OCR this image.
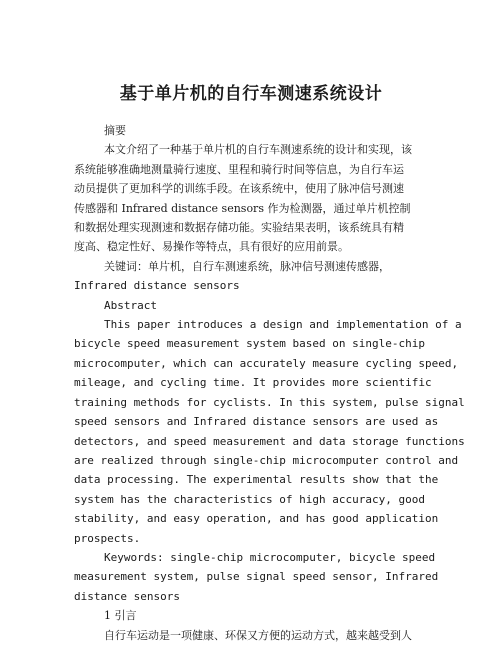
基于单片机的自行车测速系统设计
摘要
本文介绍了一种基于单片机的自行车测速系统的设计和实现，该
系统能够准确地测量骑行速度、里程和骑行时间等信息，为自行车运
动员提供了更加科学的训练手段。在该系统中，使用了脉冲信号测速
传感器和 Infrared distance sensors 作为检测器，通过单片机控制
和数据处理实现测速和数据存储功能。实验结果表明，该系统具有精
度高、稳定性好、易操作等特点，具有很好的应用前景。
关键词：单片机，自行车测速系统，脉冲信号测速传感器，
Infrared distance sensors
Abstract
This paper introduces a design and implementation of a
bicycle speed measurement system based on single-chip
microcomputer, which can accurately measure cycling speed,
mileage, and cycling time. It provides more scientific
training methods for cyclists. In this system, pulse signal
speed sensors and Infrared distance sensors are used as
detectors, and speed measurement and data storage functions
are realized through single-chip microcomputer control and
data processing. The experimental results show that the
system has the characteristics of high accuracy, good
stability, and easy operation, and has good application
prospects.
Keywords: single-chip microcomputer, bicycle speed
measurement system, pulse signal speed sensor, Infrared
distance sensors
1 引言
自行车运动是一项健康、环保又方便的运动方式，越来越受到人
